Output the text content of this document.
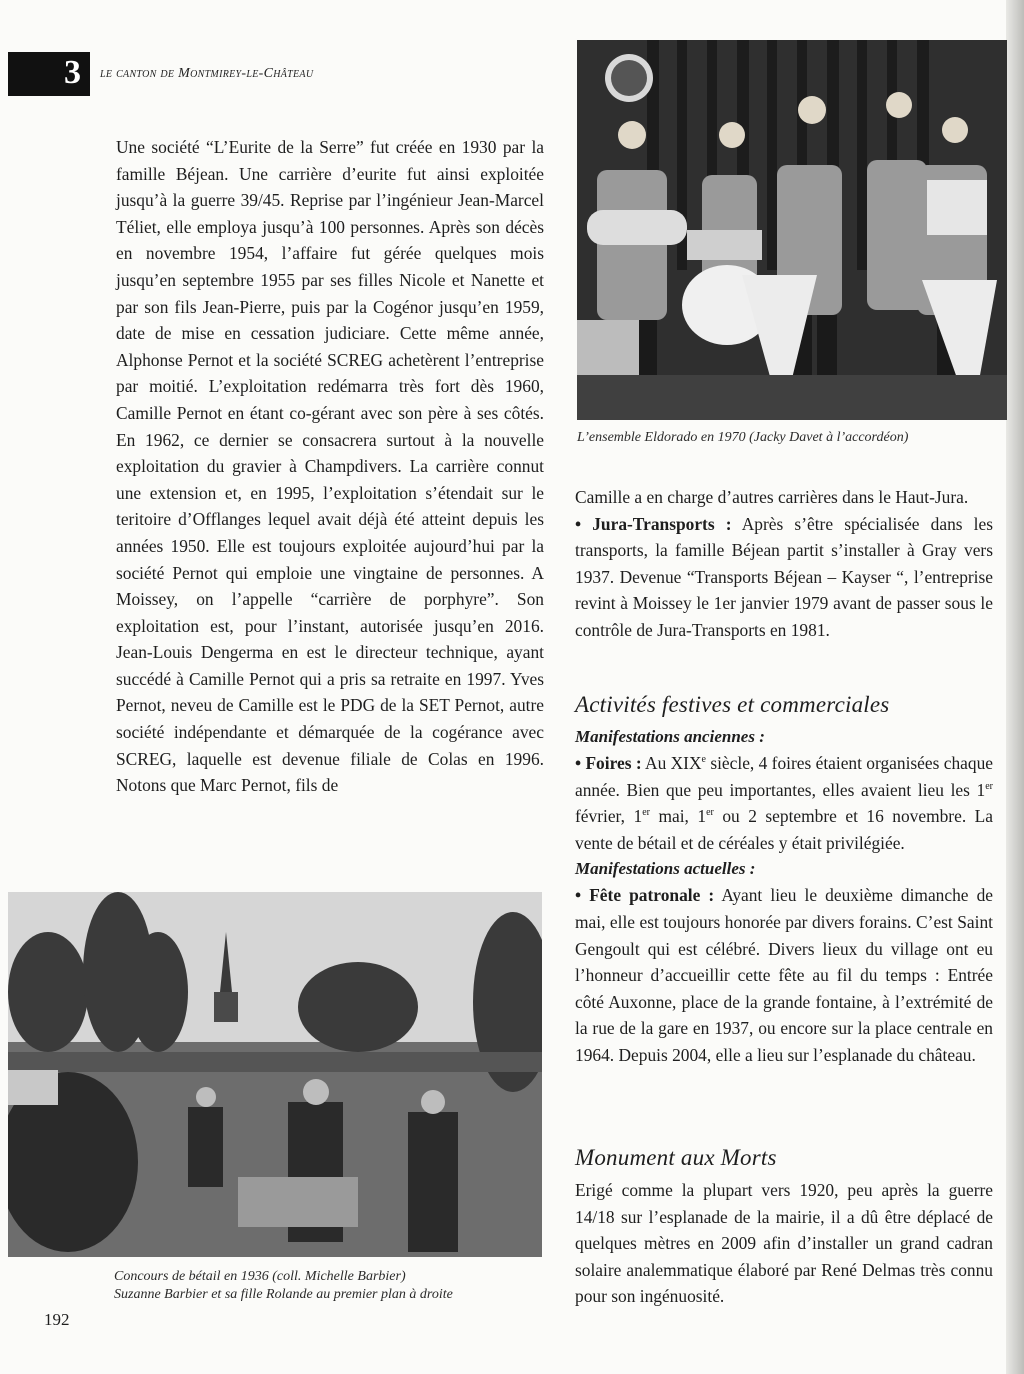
3 le canton de Montmirey-le-Château

Une société “L’Eurite de la Serre” fut créée en 1930 par la famille Béjean. Une carrière d’eurite fut ainsi exploitée jusqu’à la guerre 39/45. Reprise par l’ingénieur Jean-Marcel Téliet, elle employa jusqu’à 100 personnes. Après son décès en novembre 1954, l’affaire fut gérée quelques mois jusqu’en septembre 1955 par ses filles Nicole et Nanette et par son fils Jean-Pierre, puis par la Cogénor jusqu’en 1959, date de mise en cessation judiciare. Cette même année, Alphonse Pernot et la société SCREG achetèrent l’entreprise par moitié. L’exploitation redémarra très fort dès 1960, Camille Pernot en étant co-gérant avec son père à ses côtés. En 1962, ce dernier se consacrera surtout à la nouvelle exploitation du gravier à Champdivers. La carrière connut une extension et, en 1995, l’exploitation s’étendait sur le teritoire d’Offlanges lequel avait déjà été atteint depuis les années 1950. Elle est toujours exploitée aujourd’hui par la société Pernot qui emploie une vingtaine de personnes. A Moissey, on l’appelle “carrière de porphyre”. Son exploitation est, pour l’instant, autorisée jusqu’en 2016. Jean-Louis Dengerma en est le directeur technique, ayant succédé à Camille Pernot qui a pris sa retraite en 1997. Yves Pernot, neveu de Camille est le PDG de la SET Pernot, autre société indépendante et démarquée de la cogérance avec SCREG, laquelle est devenue filiale de Colas en 1996. Notons que Marc Pernot, fils de

L’ensemble Eldorado en 1970 (Jacky Davet à l’accordéon)
Concours de bétail en 1936 (coll. Michelle Barbier)
Suzanne Barbier et sa fille Rolande au premier plan à droite

Camille a en charge d’autres carrières dans le Haut-Jura.

• Jura-Transports : Après s’être spécialisée dans les transports, la famille Béjean partit s’installer à Gray vers 1937. Devenue “Transports Béjean – Kayser “, l’entreprise revint à Moissey le 1er janvier 1979 avant de passer sous le contrôle de Jura-Transports en 1981.

Activités festives et commerciales
Manifestations anciennes :

• Foires : Au XIXe siècle, 4 foires étaient organisées chaque année. Bien que peu importantes, elles avaient lieu les 1er février, 1er mai, 1er ou 2 septembre et 16 novembre. La vente de bétail et de céréales y était privilégiée.

Manifestations actuelles :

• Fête patronale : Ayant lieu le deuxième dimanche de mai, elle est toujours honorée par divers forains. C’est Saint Gengoult qui est célébré. Divers lieux du village ont eu l’honneur d’accueillir cette fête au fil du temps : Entrée côté Auxonne, place de la grande fontaine, à l’extrémité de la rue de la gare en 1937, ou encore sur la place centrale en 1964. Depuis 2004, elle a lieu sur l’esplanade du château.

Monument aux Morts

Erigé comme la plupart vers 1920, peu après la guerre 14/18 sur l’esplanade de la mairie, il a dû être déplacé de quelques mètres en 2009 afin d’installer un grand cadran solaire analemmatique élaboré par René Delmas très connu pour son ingénuosité.

192
